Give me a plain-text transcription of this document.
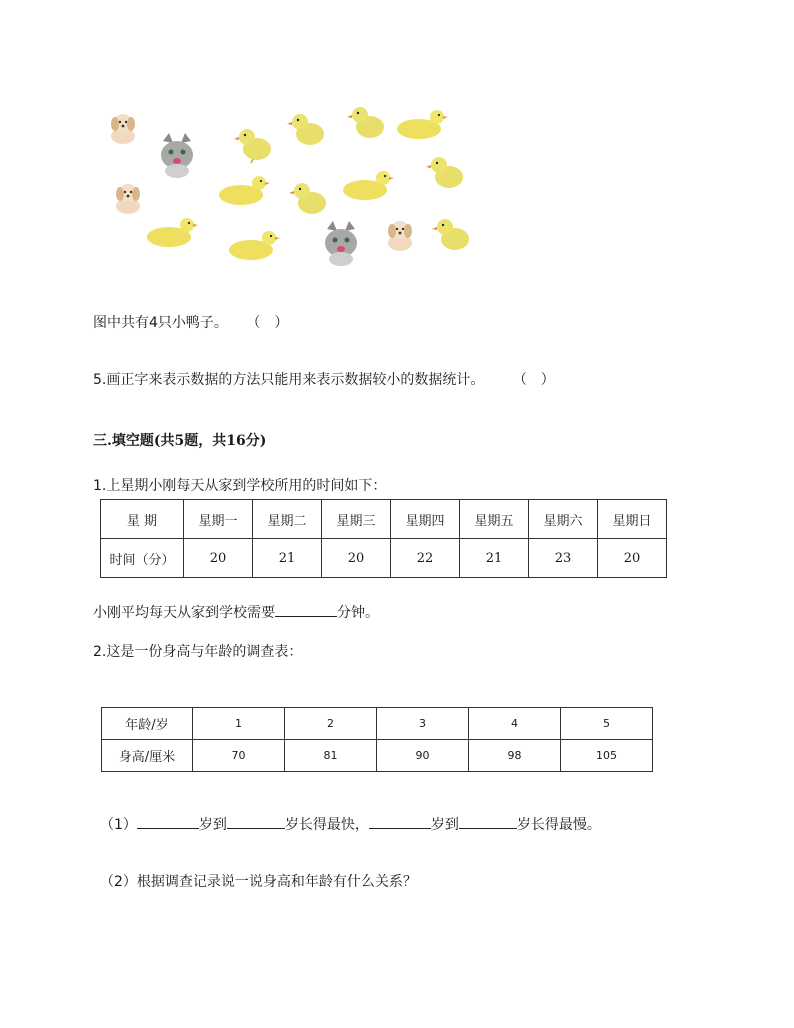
图中共有4只小鸭子。 （　）
5.画正字来表示数据的方法只能用来表示数据较小的数据统计。 （　）
三.填空题(共5题，共16分)
1.上星期小刚每天从家到学校所用的时间如下：
星 期	星期一	星期二	星期三	星期四	星期五	星期六	星期日
时间（分）	20	21	20	22	21	23	20
小刚平均每天从家到学校需要	分钟。
2.这是一份身高与年龄的调查表：
年龄/岁	1	2	3	4	5
身高/厘米	70	81	90	98	105
（1）	岁到	岁长得最快，	岁到	岁长得最慢。
（2）根据调查记录说一说身高和年龄有什么关系？
